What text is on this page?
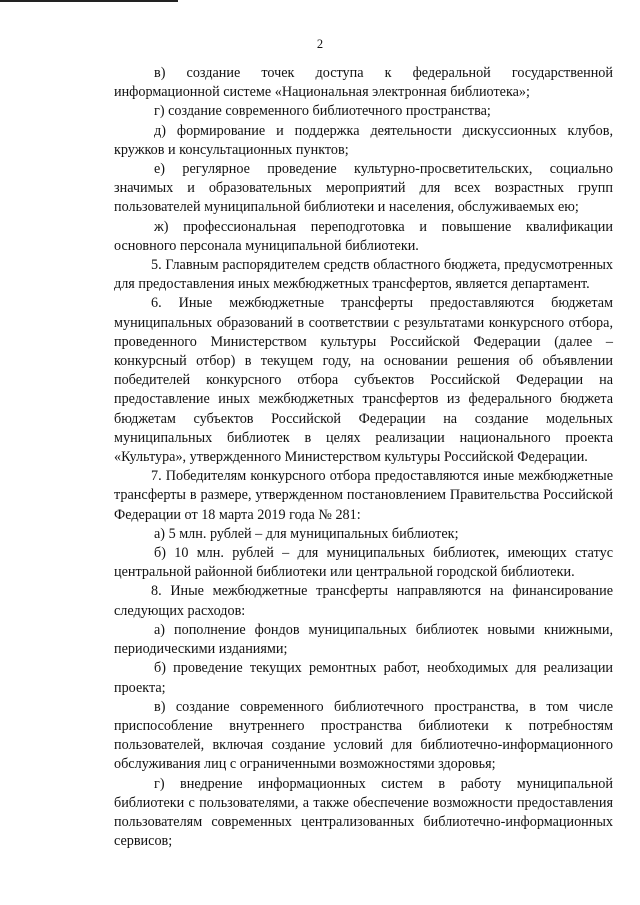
2

в) создание точек доступа к федеральной государственной информационной системе «Национальная электронная библиотека»;

г) создание современного библиотечного пространства;

д) формирование и поддержка деятельности дискуссионных клубов, кружков и консультационных пунктов;

е) регулярное проведение культурно-просветительских, социально значимых и образовательных мероприятий для всех возрастных групп пользователей муниципальной библиотеки и населения, обслуживаемых ею;

ж) профессиональная переподготовка и повышение квалификации основного персонала муниципальной библиотеки.

5. Главным распорядителем средств областного бюджета, предусмотренных для предоставления иных межбюджетных трансфертов, является департамент.

6. Иные межбюджетные трансферты предоставляются бюджетам муниципальных образований в соответствии с результатами конкурсного отбора, проведенного Министерством культуры Российской Федерации (далее – конкурсный отбор) в текущем году, на основании решения об объявлении победителей конкурсного отбора субъектов Российской Федерации на предоставление иных межбюджетных трансфертов из федерального бюджета бюджетам субъектов Российской Федерации на создание модельных муниципальных библиотек в целях реализации национального проекта «Культура», утвержденного Министерством культуры Российской Федерации.

7. Победителям конкурсного отбора предоставляются иные межбюджетные трансферты в размере, утвержденном постановлением Правительства Российской Федерации от 18 марта 2019 года № 281:

а) 5 млн. рублей – для муниципальных библиотек;

б) 10 млн. рублей – для муниципальных библиотек, имеющих статус центральной районной библиотеки или центральной городской библиотеки.

8. Иные межбюджетные трансферты направляются на финансирование следующих расходов:

а) пополнение фондов муниципальных библиотек новыми книжными, периодическими изданиями;

б) проведение текущих ремонтных работ, необходимых для реализации проекта;

в) создание современного библиотечного пространства, в том числе приспособление внутреннего пространства библиотеки к потребностям пользователей, включая создание условий для библиотечно-информационного обслуживания лиц с ограниченными возможностями здоровья;

г) внедрение информационных систем в работу муниципальной библиотеки с пользователями, а также обеспечение возможности предоставления пользователям современных централизованных библиотечно-информационных сервисов;
